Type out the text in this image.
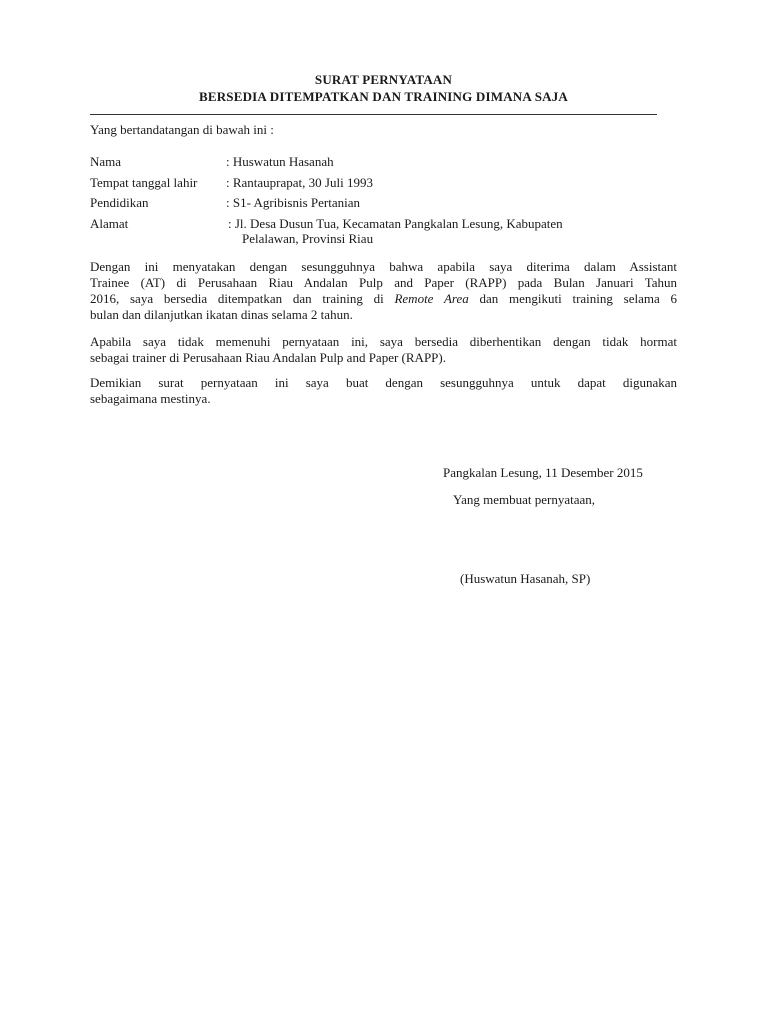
SURAT PERNYATAAN
BERSEDIA DITEMPATKAN DAN TRAINING DIMANA SAJA
Yang bertandatangan di bawah ini :
Nama	: Huswatun Hasanah
Tempat tanggal lahir : Rantauprapat, 30 Juli 1993
Pendidikan	: S1- Agribisnis Pertanian
Alamat	: Jl. Desa Dusun Tua, Kecamatan Pangkalan Lesung, Kabupaten
Pelalawan, Provinsi Riau
Dengan ini menyatakan dengan sesungguhnya bahwa apabila saya diterima dalam Assistant
Trainee (AT) di Perusahaan Riau Andalan Pulp and Paper (RAPP) pada Bulan Januari Tahun
2016, saya bersedia ditempatkan dan training di Remote Area dan mengikuti training selama 6
bulan dan dilanjutkan ikatan dinas selama 2 tahun.
Apabila saya tidak memenuhi pernyataan ini, saya bersedia diberhentikan dengan tidak hormat
sebagai trainer di Perusahaan Riau Andalan Pulp and Paper (RAPP).
Demikian surat pernyataan ini saya buat dengan sesungguhnya untuk dapat digunakan
sebagaimana mestinya.
Pangkalan Lesung, 11 Desember 2015
Yang membuat pernyataan,
(Huswatun Hasanah, SP)
